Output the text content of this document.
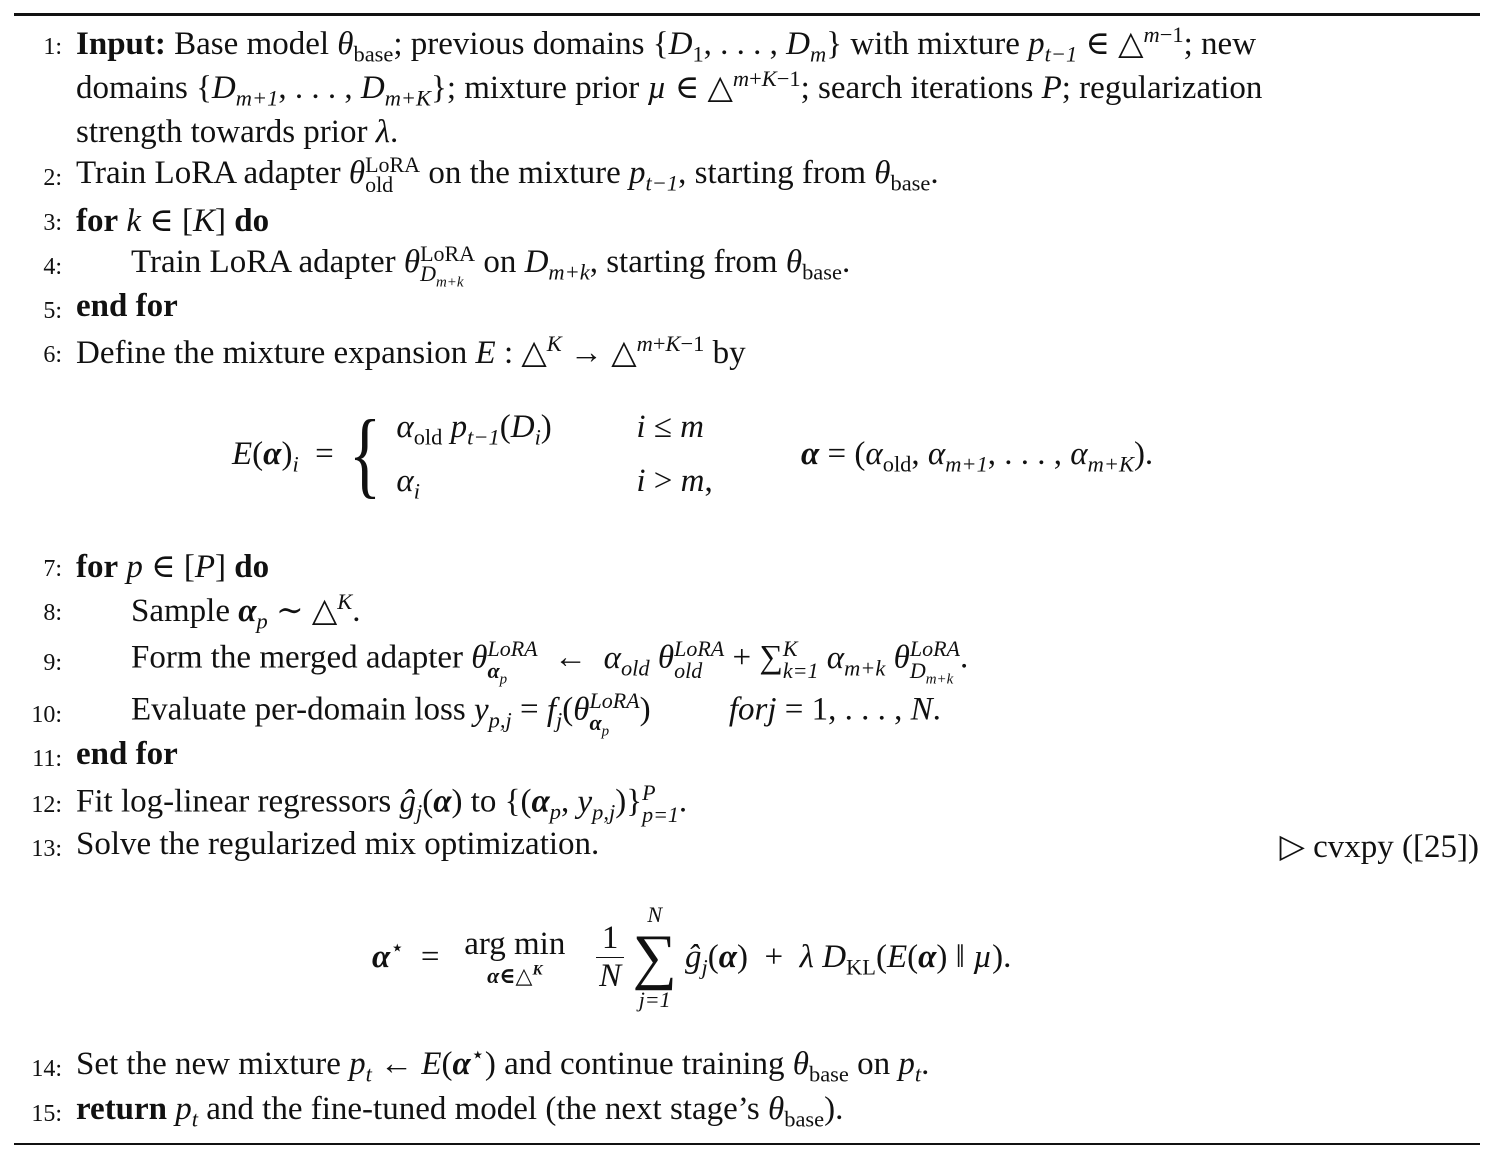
1: Input: Base model $\theta_{base}$; previous domains {$D_1$, . . . , $D_m$} with mixture $p_{t-1}$ ∈ △$^{m-1}$; new
domains {$D_{m+1}$, . . . , $D_{m+K}$}; mixture prior µ ∈ △$^{m+K-1}$; search iterations P; regularization
strength towards prior λ.
2: Train LoRA adapter θ LoRA
old on the mixture $p_{t-1}$, starting from $\theta_{base}$.
3: for k ∈ [K] do
4: Train LoRA adapter θ LoRA
$D_{m+k}$
on $D_{m+k}$, starting from $\theta_{base}$.
5: end for
6: Define the mixture expansion E : △$^K$ → △$^{m+K-1}$ by
$E(\alpha)_i$  = { $\alpha_{old}$ $p_{t-1}(D_i)$	i ≤ m
$\alpha_i$	i > m,
$\alpha = (\alpha_{old}$, $\alpha_{m+1}$, . . . , $\alpha_{m+K}$).
7: for p ∈ [P] do
8: Sample $\alpha_p$ ∼ △$^K$.
9: Form the merged adapter θ LoRA
$\alpha_p$
←  $\alpha_{old}$ θ LoRA
old + ∑ K
k=1 $\alpha_{m+k}$ θ LoRA
$D_{m+k}$
.
10: Evaluate per-domain loss $y_{p,j} = f_j(\theta$ LoRA
$\alpha_p$
) forj = 1, . . . , N.
11: end for
12: Fit log-linear regressors $ĝ_j(\alpha)$ to {($\alpha_p$, $y_{p,j}$)} P
p=1 .
13: Solve the regularized mix optimization.	▷ cvxpy ([25])
α⋆  = arg min
α∈△$^K$
	$\frac{1}{N}$

N
∑
j=1
$ĝ_j(\alpha) + \lambda$ $D_{KL}(E(\alpha)$ ‖ µ).
14: Set the new mixture $p_t$ ← E(α⋆) and continue training $\theta_{base}$ on $p_t$.
15: return $p_t$ and the fine-tuned model (the next stage’s $\theta_{base}$).
